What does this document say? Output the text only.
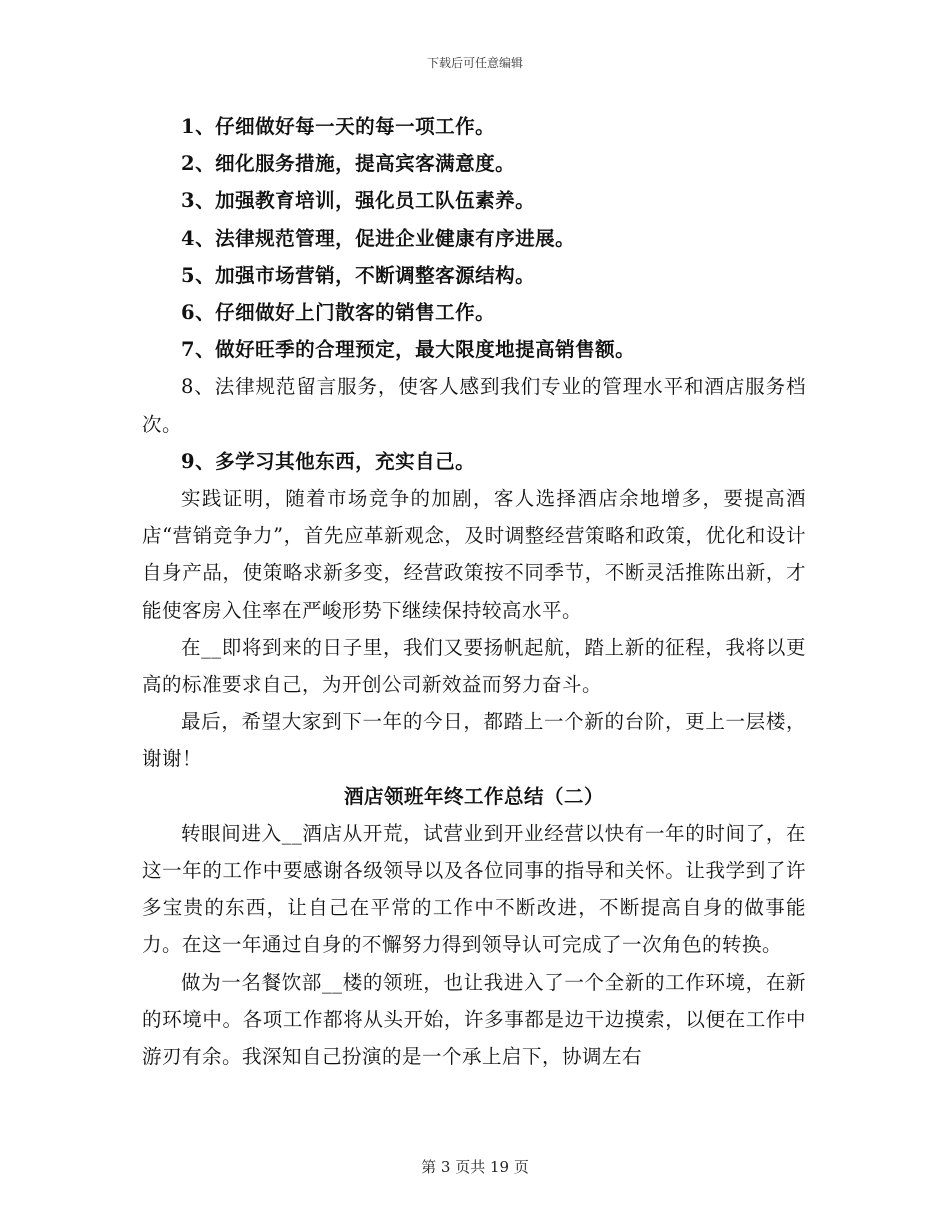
下载后可任意编辑

1、仔细做好每一天的每一项工作。

2、细化服务措施，提高宾客满意度。

3、加强教育培训，强化员工队伍素养。

4、法律规范管理，促进企业健康有序进展。

5、加强市场营销，不断调整客源结构。

6、仔细做好上门散客的销售工作。

7、做好旺季的合理预定，最大限度地提高销售额。

8、法律规范留言服务，使客人感到我们专业的管理水平和酒店服务档次。

9、多学习其他东西，充实自己。

实践证明，随着市场竞争的加剧，客人选择酒店余地增多，要提高酒店“营销竞争力”，首先应革新观念，及时调整经营策略和政策，优化和设计自身产品，使策略求新多变，经营政策按不同季节，不断灵活推陈出新，才能使客房入住率在严峻形势下继续保持较高水平。

在__即将到来的日子里，我们又要扬帆起航，踏上新的征程，我将以更高的标准要求自己，为开创公司新效益而努力奋斗。

最后，希望大家到下一年的今日，都踏上一个新的台阶，更上一层楼，谢谢！

酒店领班年终工作总结（二）

转眼间进入__酒店从开荒，试营业到开业经营以快有一年的时间了，在这一年的工作中要感谢各级领导以及各位同事的指导和关怀。让我学到了许多宝贵的东西，让自己在平常的工作中不断改进，不断提高自身的做事能力。在这一年通过自身的不懈努力得到领导认可完成了一次角色的转换。

做为一名餐饮部__楼的领班，也让我进入了一个全新的工作环境，在新的环境中。各项工作都将从头开始，许多事都是边干边摸索，以便在工作中游刃有余。我深知自己扮演的是一个承上启下，协调左右

第 3 页共 19 页
